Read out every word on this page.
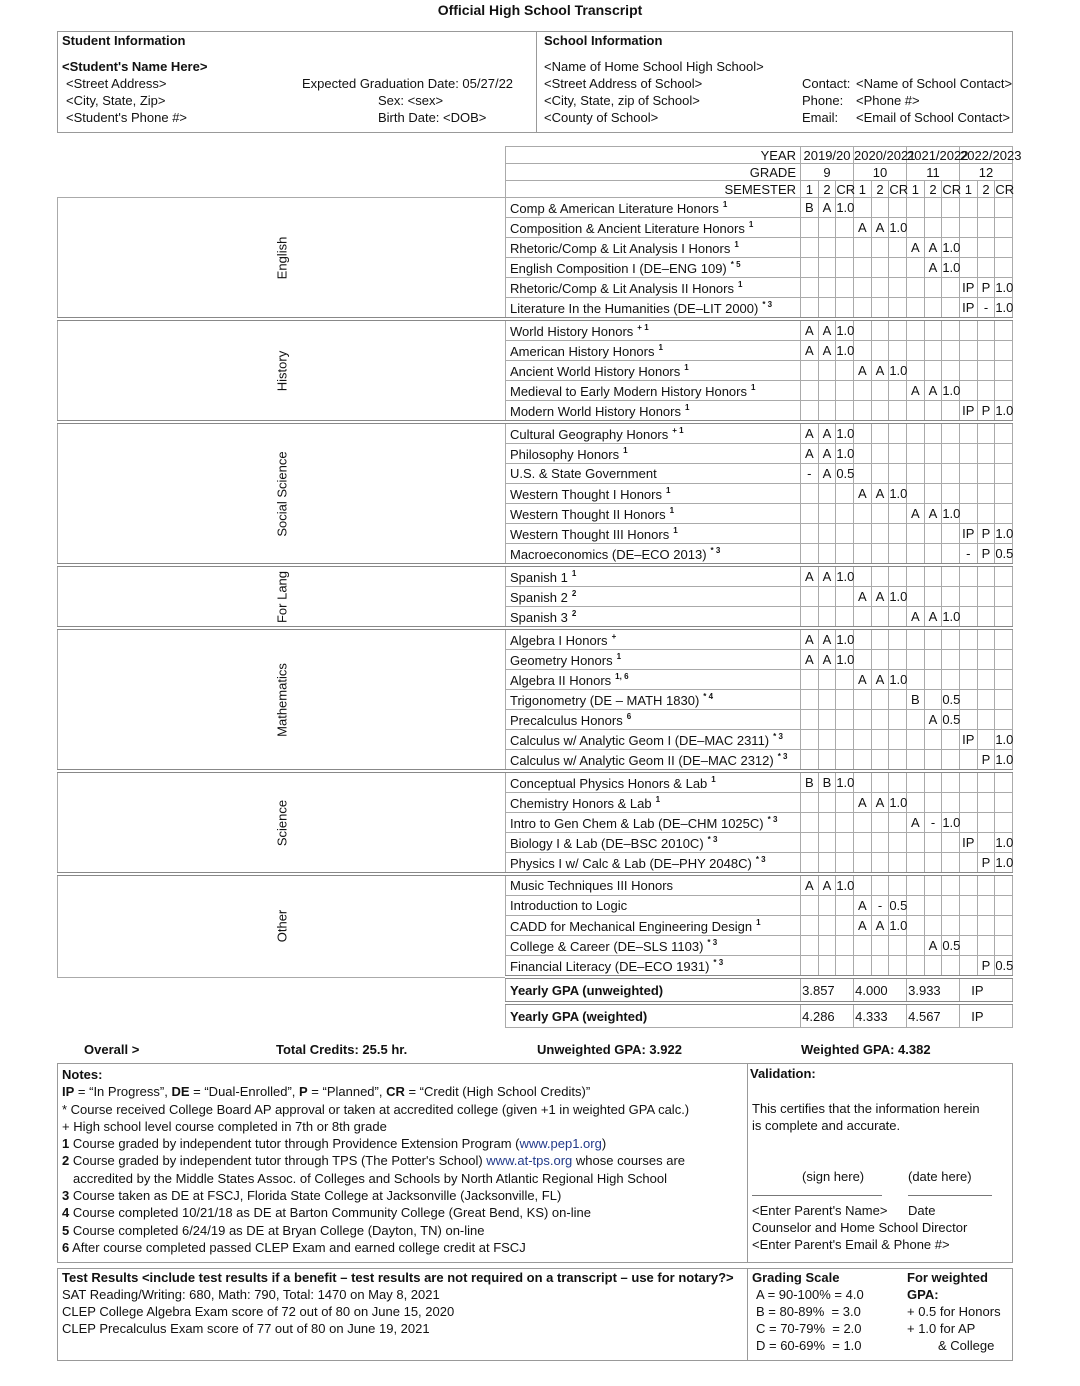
Official High School Transcript
Student Information
<Student's Name Here>
<Street Address>
<City, State, Zip>
<Student's Phone #>
Expected Graduation Date: 05/27/22
Sex: <sex>
Birth Date: <DOB>
School Information
<Name of Home School High School>
<Street Address of School>
<City, State, zip of School>
<County of School>
Contact: <Name of School Contact>
Phone: <Phone #>
Email: <Email of School Contact>
	YEAR	2019/20	2020/2021	2021/2022	2022/2023
	GRADE	9	10	11	12
	SEMESTER	1	2	CR	1	2	CR	1	2	CR	1	2	CR

English
	Comp & American Literature Honors $^1$	B	A	1.0									
Composition & Ancient Literature Honors $^1$				A	A	1.0						
Rhetoric/Comp & Lit Analysis I Honors $^1$							A	A	1.0			
English Composition I (DE–ENG 109) $^{* 5}$								A	1.0			
Rhetoric/Comp & Lit Analysis II Honors $^1$										IP	P	1.0
Literature In the Humanities (DE–LIT 2000) $^{* 3}$										IP	-	1.0

History
	World History Honors $^{+ 1}$	A	A	1.0									
American History Honors $^1$	A	A	1.0									
Ancient World History Honors $^1$				A	A	1.0						
Medieval to Early Modern History Honors $^1$							A	A	1.0			
Modern World History Honors $^1$										IP	P	1.0

Social Science
	Cultural Geography Honors $^{+ 1}$	A	A	1.0									
Philosophy Honors $^1$	A	A	1.0									
U.S. & State Government	-	A	0.5									
Western Thought I Honors $^1$				A	A	1.0						
Western Thought II Honors $^1$							A	A	1.0			
Western Thought III Honors $^1$										IP	P	1.0
Macroeconomics (DE–ECO 2013) $^{* 3}$										-	P	0.5

For Lang	Spanish 1 $^1$	A	A	1.0									
Spanish 2 $^2$				A	A	1.0						
Spanish 3 $^2$							A	A	1.0			

Mathematics
	Algebra I Honors +	A	A	1.0									
Geometry Honors $^1$	A	A	1.0									
Algebra II Honors $^{1, 6}$				A	A	1.0						
Trigonometry (DE – MATH 1830) $^{* 4}$							B		0.5			
Precalculus Honors $^6$								A	0.5			
Calculus w/ Analytic Geom I (DE–MAC 2311) $^{* 3}$										IP		1.0
Calculus w/ Analytic Geom II (DE–MAC 2312) $^{* 3}$											P	1.0

Science
	Conceptual Physics Honors & Lab $^1$	B	B	1.0									
Chemistry Honors & Lab $^1$				A	A	1.0						
Intro to Gen Chem & Lab (DE–CHM 1025C) $^{* 3}$							A	-	1.0			
Biology I & Lab (DE–BSC 2010C) $^{* 3}$										IP		1.0
Physics I w/ Calc & Lab (DE–PHY 2048C) $^{* 3}$											P	1.0

Other
	Music Techniques III Honors	A	A	1.0									
Introduction to Logic				A	-	0.5						
CADD for Mechanical Engineering Design $^1$				A	A	1.0						
College & Career (DE–SLS 1103) $^{* 3}$								A	0.5			
Financial Literacy (DE–ECO 1931) $^{* 3}$											P	0.5
	Yearly GPA (unweighted)	3.857		4.000		3.933		IP	
	Yearly GPA (weighted)	4.286		4.333		4.567		IP	
Overall >	Total Credits: 25.5 hr.	Unweighted GPA: 3.922	Weighted GPA: 4.382
Notes:
IP = “In Progress”, DE = “Dual-Enrolled”, P = “Planned”, CR = “Credit (High School Credits)”
* Course received College Board AP approval or taken at accredited college (given +1 in weighted GPA calc.)
+ High school level course completed in 7th or 8th grade
1 Course graded by independent tutor through Providence Extension Program (www.pep1.org)
2 Course graded by independent tutor through TPS (The Potter's School) www.at-tps.org whose courses are
accredited by the Middle States Assoc. of Colleges and Schools by North Atlantic Regional High School
3 Course taken as DE at FSCJ, Florida State College at Jacksonville (Jacksonville, FL)
4 Course completed 10/21/18 as DE at Barton Community College (Great Bend, KS) on-line
5 Course completed 6/24/19 as DE at Bryan College (Dayton, TN) on-line
6 After course completed passed CLEP Exam and earned college credit at FSCJ
Validation:
This certifies that the information herein
is complete and accurate.
(sign here)	(date here)
<Enter Parent's Name> Date
Counselor and Home School Director
<Enter Parent's Email & Phone #>
Test Results <include test results if a benefit – test results are not required on a transcript – use for notary?>
SAT Reading/Writing: 680, Math: 790, Total: 1470 on May 8, 2021
CLEP College Algebra Exam score of 72 out of 80 on June 15, 2020
CLEP Precalculus Exam score of 77 out of 80 on June 19, 2021
Grading Scale
A = 90-100% = 4.0
B = 80-89%  = 3.0
C = 70-79%  = 2.0
D = 60-69%  = 1.0
For weighted
GPA:
+ 0.5 for Honors
+ 1.0 for AP
& College
